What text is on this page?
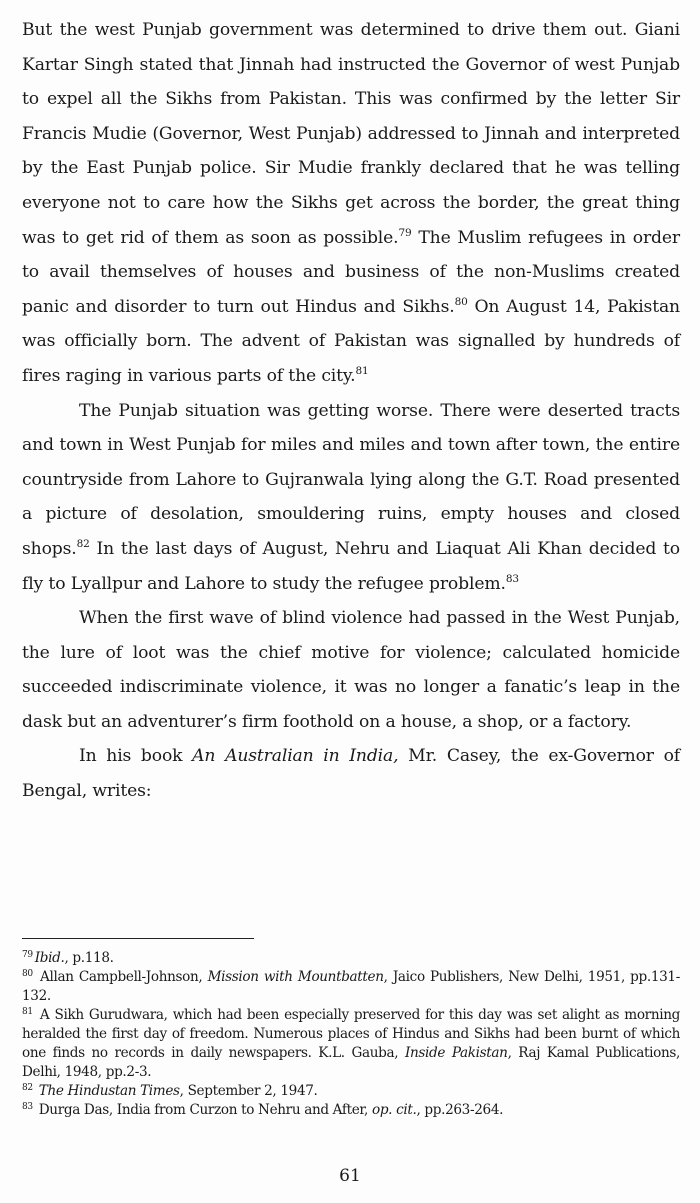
But the west Punjab government was determined to drive them out. Giani Kartar Singh stated that Jinnah had instructed the Governor of west Punjab to expel all the Sikhs from Pakistan. This was confirmed by the letter Sir Francis Mudie (Governor, West Punjab) addressed to Jinnah and interpreted by the East Punjab police. Sir Mudie frankly declared that he was telling everyone not to care how the Sikhs get across the border, the great thing was to get rid of them as soon as possible.$^{79}$ The Muslim refugees in order to avail themselves of houses and business of the non-Muslims created panic and disorder to turn out Hindus and Sikhs.$^{80}$ On August 14, Pakistan was officially born. The advent of Pakistan was signalled by hundreds of fires raging in various parts of the city.$^{81}$

The Punjab situation was getting worse. There were deserted tracts and town in West Punjab for miles and miles and town after town, the entire countryside from Lahore to Gujranwala lying along the G.T. Road presented a picture of desolation, smouldering ruins, empty houses and closed shops.$^{82}$ In the last days of August, Nehru and Liaquat Ali Khan decided to fly to Lyallpur and Lahore to study the refugee problem.$^{83}$

When the first wave of blind violence had passed in the West Punjab, the lure of loot was the chief motive for violence; calculated homicide succeeded indiscriminate violence, it was no longer a fanatic’s leap in the dask but an adventurer’s firm foothold on a house, a shop, or a factory.

In his book An Australian in India, Mr. Casey, the ex-Governor of Bengal, writes:

$^{79}$ Ibid., p.118.

$^{80}$ Allan Campbell-Johnson, Mission with Mountbatten, Jaico Publishers, New Delhi, 1951, pp.131-132.

$^{81}$ A Sikh Gurudwara, which had been especially preserved for this day was set alight as morning heralded the first day of freedom. Numerous places of Hindus and Sikhs had been burnt of which one finds no records in daily newspapers. K.L. Gauba, Inside Pakistan, Raj Kamal Publications, Delhi, 1948, pp.2-3.

$^{82}$ The Hindustan Times, September 2, 1947.

$^{83}$ Durga Das, India from Curzon to Nehru and After, op. cit., pp.263-264.

61
